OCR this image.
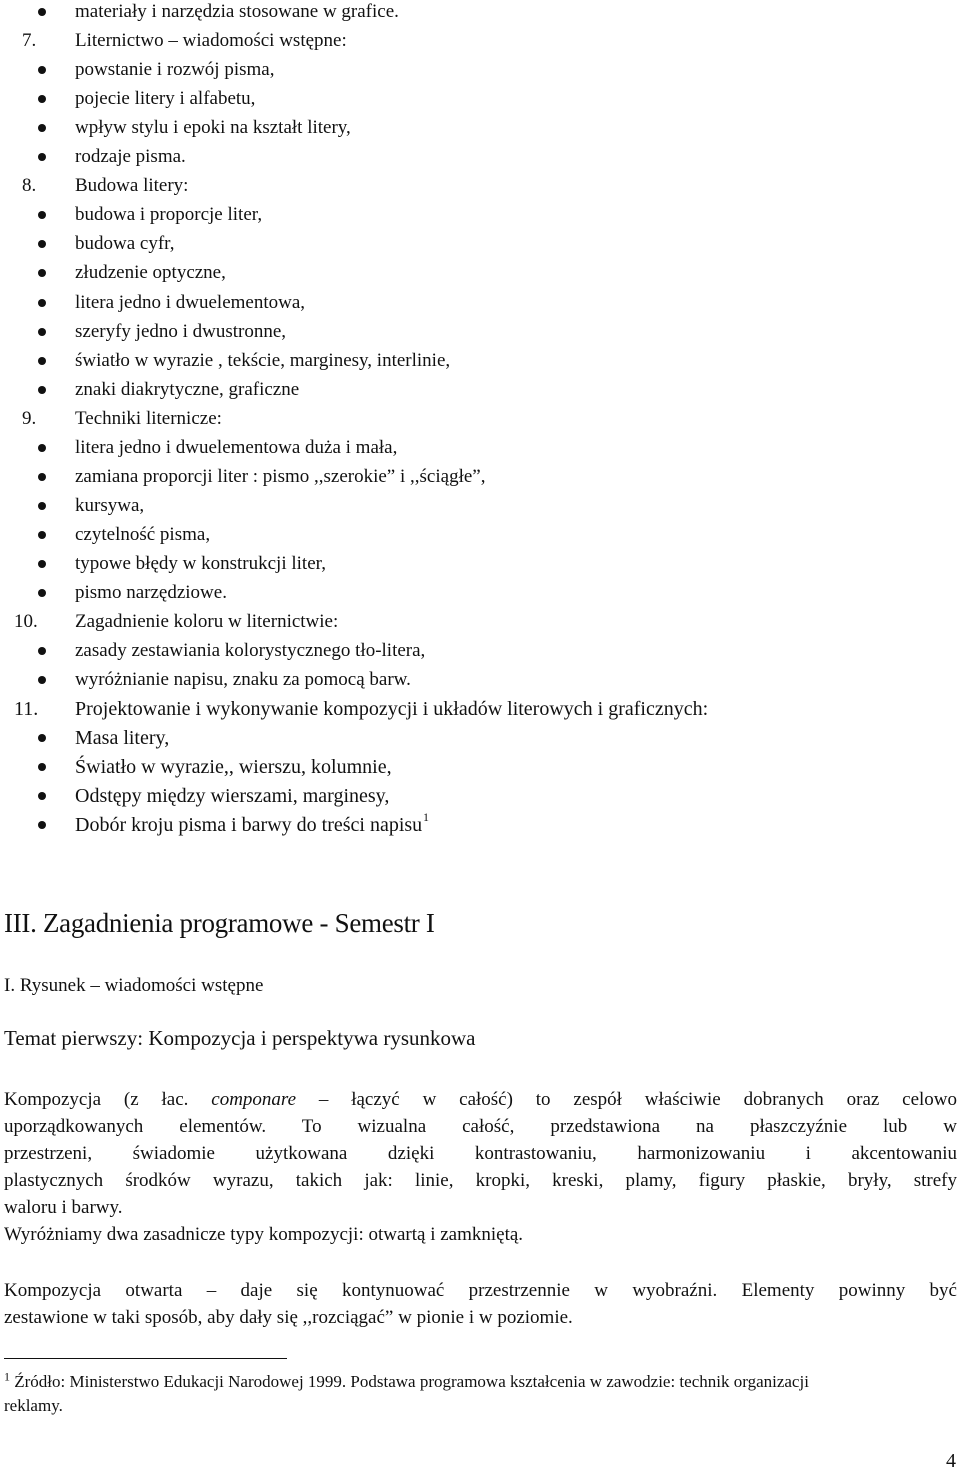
materiały i narzędzia stosowane w grafice.
7. Liternictwo – wiadomości wstępne:
powstanie i rozwój pisma,
pojecie litery i alfabetu,
wpływ stylu i epoki na kształt litery,
rodzaje pisma.
8. Budowa litery:
budowa i proporcje liter,
budowa cyfr,
złudzenie optyczne,
litera jedno i dwuelementowa,
szeryfy jedno i dwustronne,
światło w wyrazie , tekście, marginesy, interlinie,
znaki diakrytyczne, graficzne
9. Techniki liternicze:
litera jedno i dwuelementowa duża i mała,
zamiana proporcji liter : pismo ,,szerokie” i ,,ściągłe”,
kursywa,
czytelność pisma,
typowe błędy w konstrukcji liter,
pismo narzędziowe.
10. Zagadnienie koloru w liternictwie:
zasady zestawiania kolorystycznego tło-litera,
wyróżnianie napisu, znaku za pomocą barw.
11. Projektowanie i wykonywanie kompozycji i układów literowych i graficznych:
Masa litery,
Światło w wyrazie,, wierszu, kolumnie,
Odstępy między wierszami, marginesy,
Dobór kroju pisma i barwy do treści napisu 1
III. Zagadnienia programowe - Semestr I
I. Rysunek – wiadomości wstępne
Temat pierwszy: Kompozycja i perspektywa rysunkowa
Kompozycja (z łac. componare – łączyć w całość) to zespół właściwie dobranych oraz celowo
uporządkowanych elementów. To wizualna całość, przedstawiona na płaszczyźnie lub w
przestrzeni, świadomie użytkowana dzięki kontrastowaniu, harmonizowaniu i akcentowaniu
plastycznych środków wyrazu, takich jak: linie, kropki, kreski, plamy, figury płaskie, bryły, strefy
waloru i barwy.
Wyróżniamy dwa zasadnicze typy kompozycji: otwartą i zamkniętą.
Kompozycja otwarta – daje się kontynuować przestrzennie w wyobraźni. Elementy powinny być
zestawione w taki sposób, aby dały się ,,rozciągać” w pionie i w poziomie.
$^1$ Źródło: Ministerstwo Edukacji Narodowej 1999. Podstawa programowa kształcenia w zawodzie: technik organizacji
reklamy.
4
